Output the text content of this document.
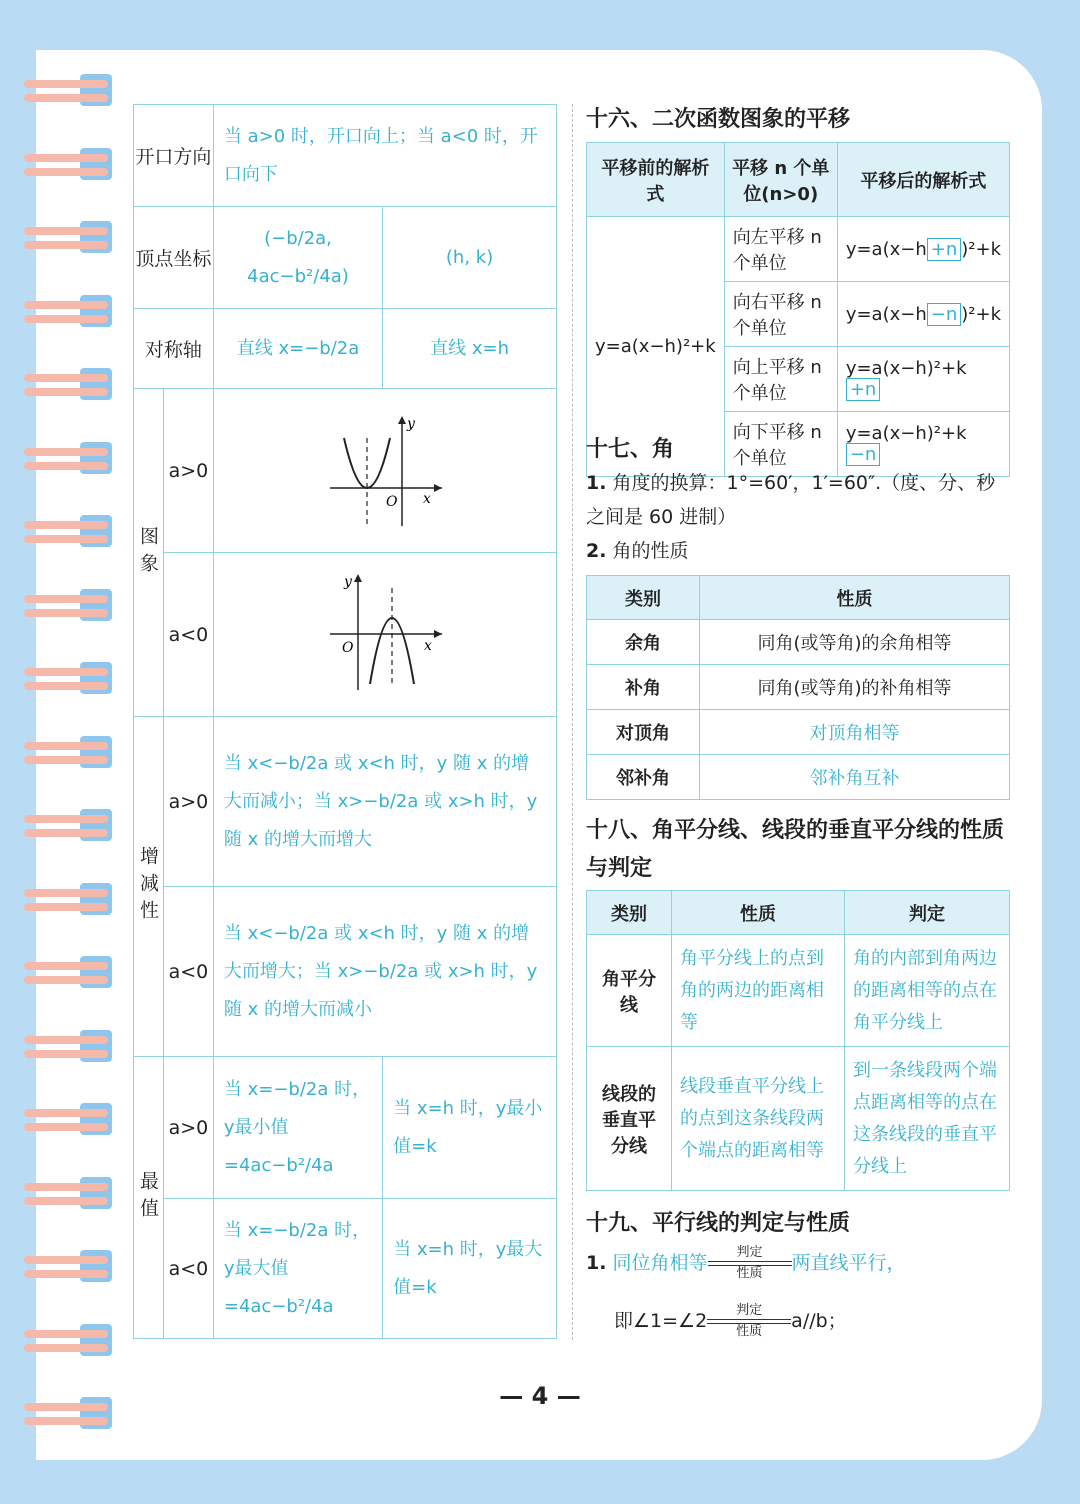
开口方向		当 a>0 时，开口向上；当 a<0 时，开口向下	
顶点坐标		(−b/2a, 4ac−b²/4a)	(h, k)
对称轴		直线 x=−b/2a	直线 x=h
图象	a>0	y
x
O	

	a<0	y
x
O	

增减性	a>0	当 x<−b/2a 或 x<h 时，y 随 x 的增大而减小；当 x>−b/2a 或 x>h 时，y 随 x 的增大而增大	
	a<0	当 x<−b/2a 或 x<h 时，y 随 x 的增大而增大；当 x>−b/2a 或 x>h 时，y 随 x 的增大而减小	
最值	a>0	当 x=−b/2a 时，y最小值=4ac−b²/4a	当 x=h 时，y最小值=k
	a<0	当 x=−b/2a 时，y最大值=4ac−b²/4a	当 x=h 时，y最大值=k
十六、二次函数图象的平移
平移前的解析式	平移 n 个单位(n>0)	平移后的解析式
y=a(x−h)²+k	向左平移 n 个单位	y=a(x−h +n )²+k
	向右平移 n 个单位	y=a(x−h −n )²+k
	向上平移 n 个单位	y=a(x−h)²+k +n
	向下平移 n 个单位	y=a(x−h)²+k −n
十七、角
1. 角度的换算：1°=60′，1′=60″.（度、分、秒之间是 60 进制）
2. 角的性质
类别	性质
余角	同角(或等角)的余角相等
补角	同角(或等角)的补角相等
对顶角	对顶角相等
邻补角	邻补角互补
十八、角平分线、线段的垂直平分线的性质与判定
类别	性质	判定
角平分线	角平分线上的点到角的两边的距离相等	角的内部到角两边的距离相等的点在角平分线上
线段的垂直平分线	线段垂直平分线上的点到这条线段两个端点的距离相等	到一条线段两个端点距离相等的点在这条线段的垂直平分线上
十九、平行线的判定与性质
1. 同位角相等 判定
性质 两直线平行，
即∠1=∠2 判定
性质 a//b；
— 4 —
